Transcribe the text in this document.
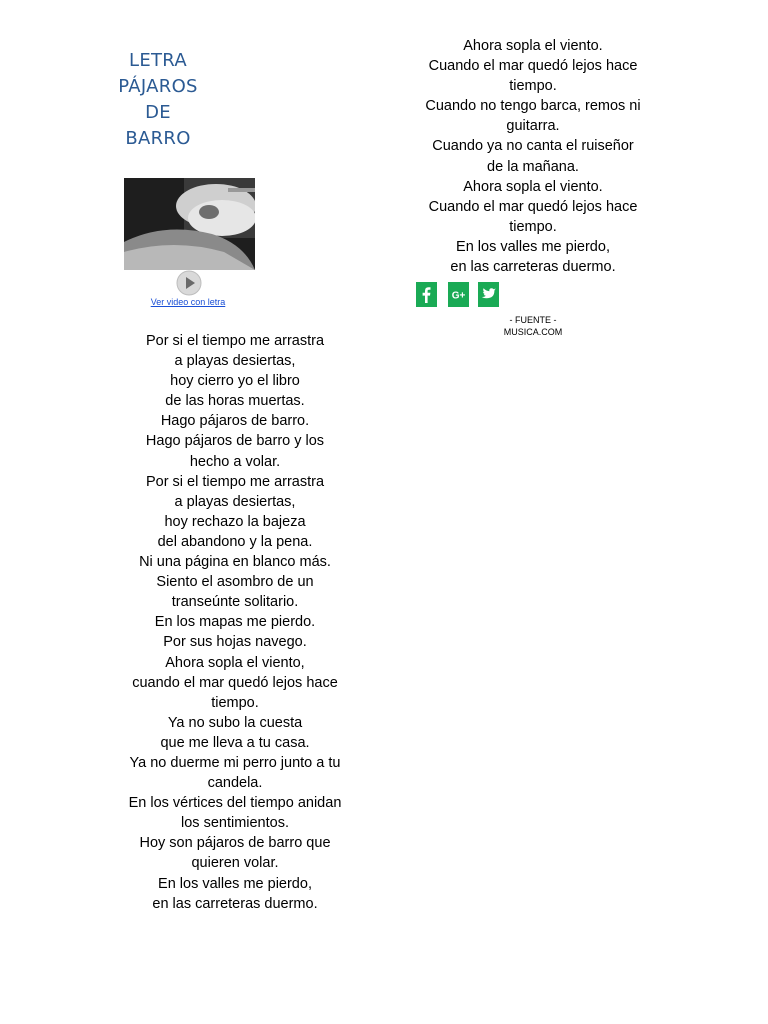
LETRA
PÁJAROS
DE
BARRO
Ver video con letra
Por si el tiempo me arrastra
a playas desiertas,
hoy cierro yo el libro
de las horas muertas.
Hago pájaros de barro.
Hago pájaros de barro y los
hecho a volar.
Por si el tiempo me arrastra
a playas desiertas,
hoy rechazo la bajeza
del abandono y la pena.
Ni una página en blanco más.
Siento el asombro de un
transeúnte solitario.
En los mapas me pierdo.
Por sus hojas navego.
Ahora sopla el viento,
cuando el mar quedó lejos hace
tiempo.
Ya no subo la cuesta
que me lleva a tu casa.
Ya no duerme mi perro junto a tu
candela.
En los vértices del tiempo anidan
los sentimientos.
Hoy son pájaros de barro que
quieren volar.
En los valles me pierdo,
en las carreteras duermo.
Ahora sopla el viento.
Cuando el mar quedó lejos hace
tiempo.
Cuando no tengo barca, remos ni
guitarra.
Cuando ya no canta el ruiseñor
de la mañana.
Ahora sopla el viento.
Cuando el mar quedó lejos hace
tiempo.
En los valles me pierdo,
en las carreteras duermo.
G+
- FUENTE -
MUSICA.COM
